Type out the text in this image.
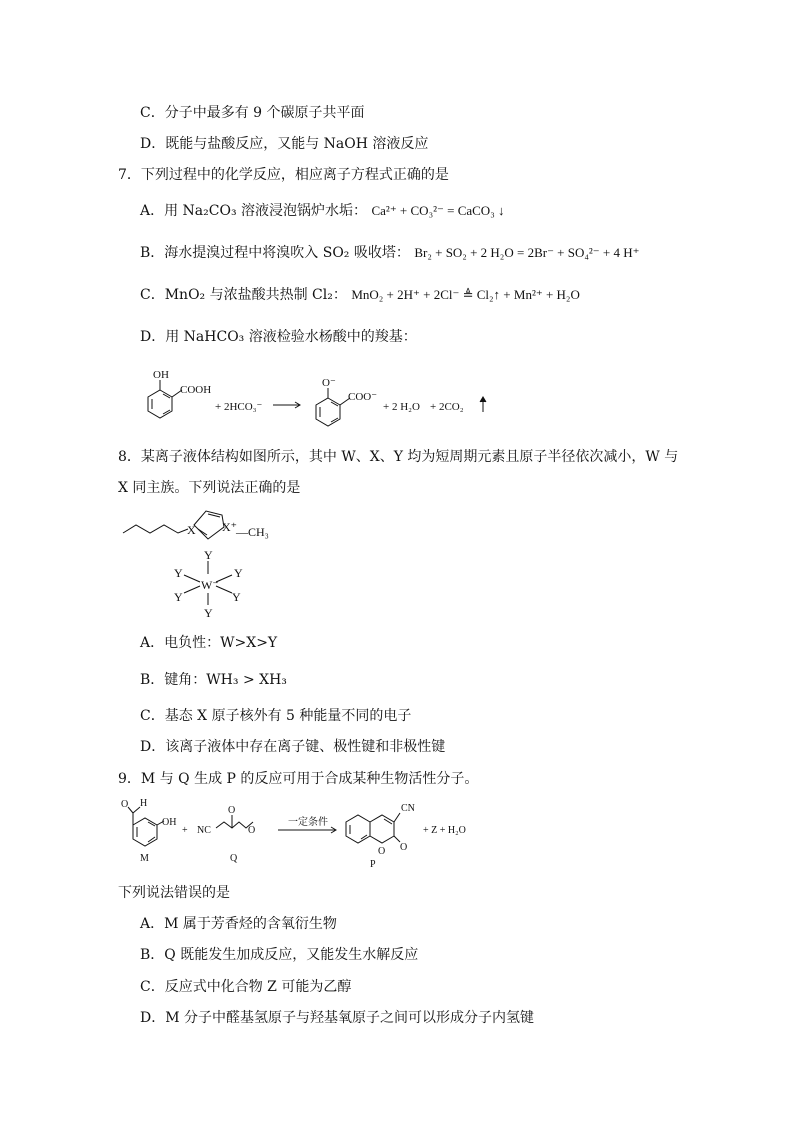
C．分子中最多有 9 个碳原子共平面
D．既能与盐酸反应，又能与 NaOH 溶液反应
7．下列过程中的化学反应，相应离子方程式正确的是
A．用 Na₂CO₃ 溶液浸泡锅炉水垢： Ca²⁺ + CO₃²⁻ = CaCO₃ ↓
B．海水提溴过程中将溴吹入 SO₂ 吸收塔： Br₂ + SO₂ + 2 H₂O = 2Br⁻ + SO₄²⁻ + 4 H⁺
C．MnO₂ 与浓盐酸共热制 Cl₂： MnO₂ + 2H⁺ + 2Cl⁻ ≜ Cl₂↑ + Mn²⁺ + H₂O
D．用 NaHCO₃ 溶液检验水杨酸中的羧基：
OH
COOH
+ 2HCO₃⁻
O⁻
COO⁻
+ 2 H₂O + 2CO₂
8．某离子液体结构如图所示，其中 W、X、Y 均为短周期元素且原子半径依次减小，W 与
X 同主族。下列说法正确的是
X X⁺ —CH₃
Y
W⁻
Y	Y
Y	Y
Y
A．电负性：W>X>Y
B．键角：WH₃ > XH₃
C．基态 X 原子核外有 5 种能量不同的电子
D．该离子液体中存在离子键、极性键和非极性键
9．M 与 Q 生成 P 的反应可用于合成某种生物活性分子。
O H
OH
M
+ NC
O
O
Q
一定条件
CN
O O
P
+ Z + H₂O
下列说法错误的是
A．M 属于芳香烃的含氧衍生物
B．Q 既能发生加成反应，又能发生水解反应
C．反应式中化合物 Z 可能为乙醇
D．M 分子中醛基氢原子与羟基氧原子之间可以形成分子内氢键
